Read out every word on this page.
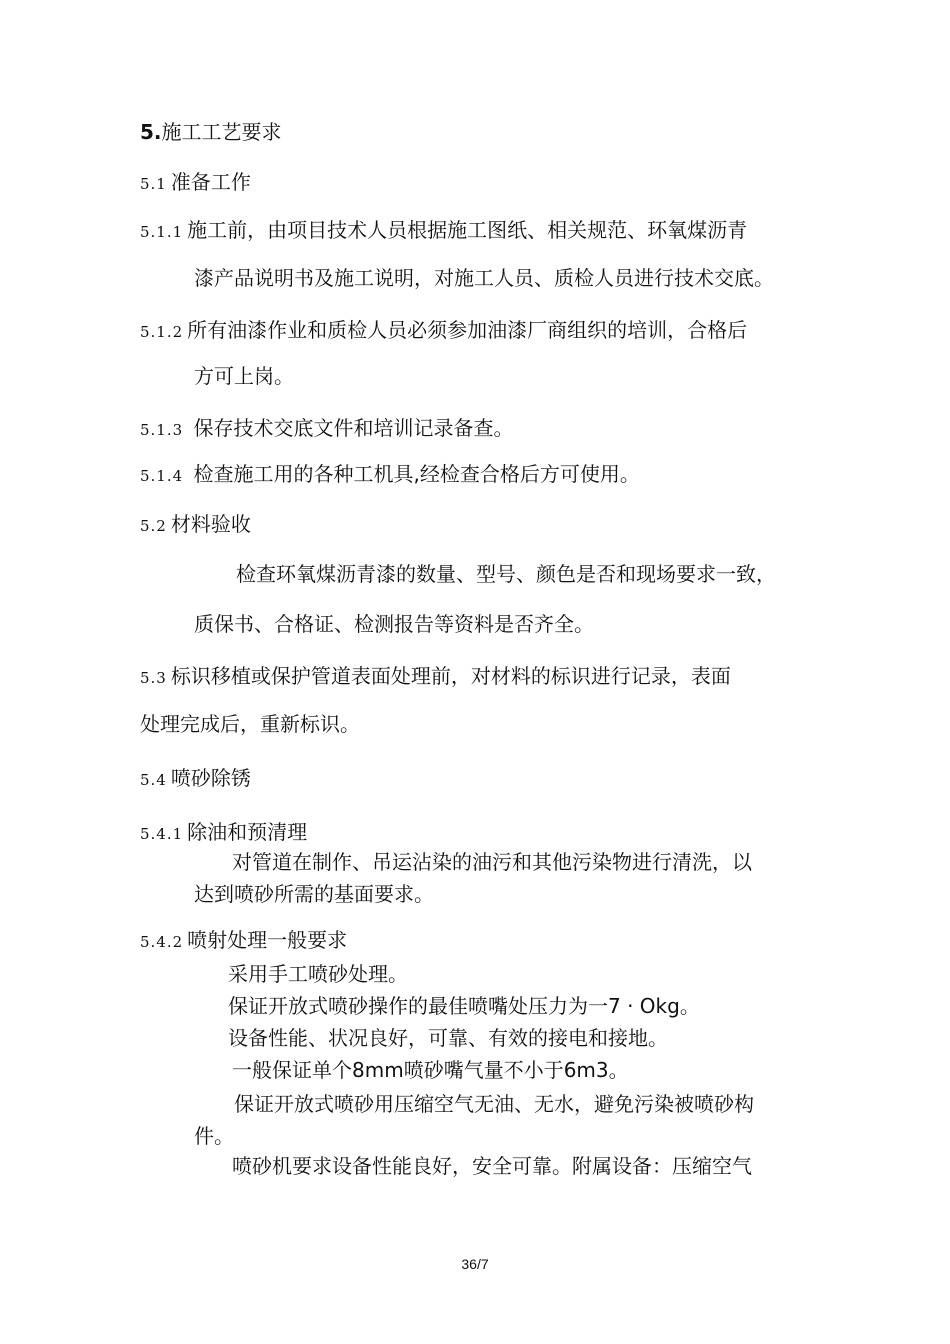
5.施工工艺要求
5.1 准备工作
5.1.1 施工前，由项目技术人员根据施工图纸、相关规范、环氧煤沥青
漆产品说明书及施工说明，对施工人员、质检人员进行技术交底。
5.1.2 所有油漆作业和质检人员必须参加油漆厂商组织的培训，合格后
方可上岗。
5.1.3 保存技术交底文件和培训记录备查。
5.1.4 检查施工用的各种工机具,经检查合格后方可使用。
5.2 材料验收
检查环氧煤沥青漆的数量、型号、颜色是否和现场要求一致，
质保书、合格证、检测报告等资料是否齐全。
5.3 标识移植或保护管道表面处理前，对材料的标识进行记录，表面
处理完成后，重新标识。
5.4 喷砂除锈
5.4.1 除油和预清理
对管道在制作、吊运沾染的油污和其他污染物进行清洗，以
达到喷砂所需的基面要求。
5.4.2 喷射处理一般要求
采用手工喷砂处理。
保证开放式喷砂操作的最佳喷嘴处压力为一7 · Okg。
设备性能、状况良好，可靠、有效的接电和接地。
一般保证单个8mm喷砂嘴气量不小于6m3。
保证开放式喷砂用压缩空气无油、无水，避免污染被喷砂构
件。
喷砂机要求设备性能良好，安全可靠。附属设备：压缩空气
36/7
